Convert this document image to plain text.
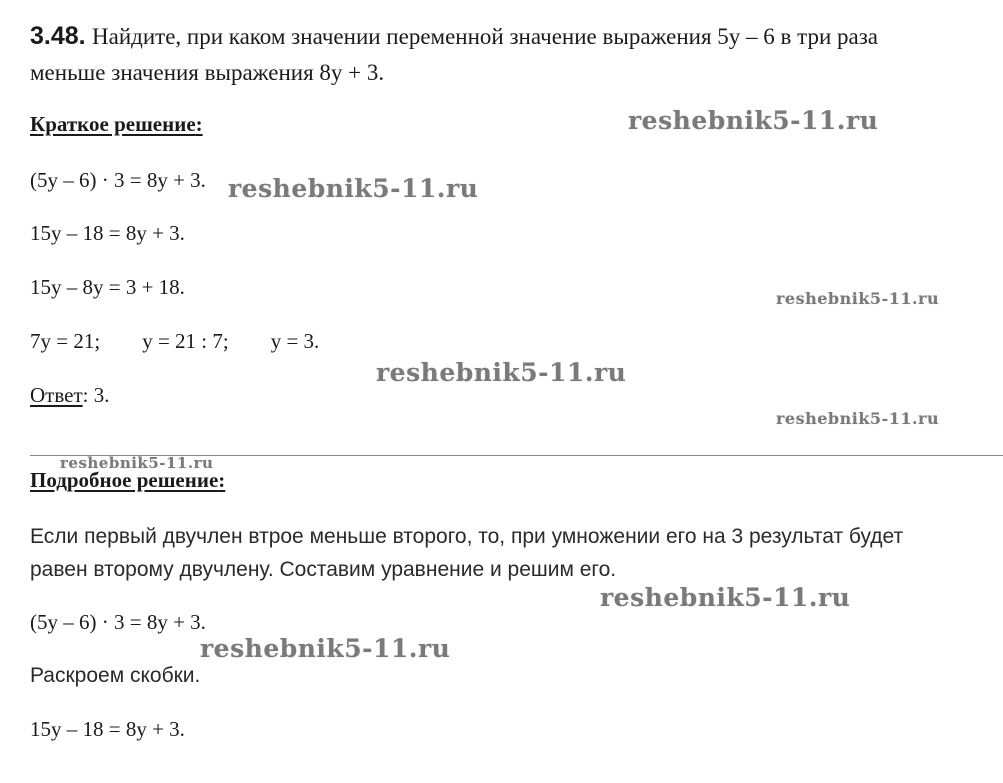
3.48. Найдите, при каком значении переменной значение выражения 5y – 6 в три раза
меньше значения выражения 8y + 3.
Краткое решение:
(5y – 6) · 3 = 8y + 3.
15y – 18 = 8y + 3.
15y – 8y = 3 + 18.
7y = 21; y = 21 : 7; y = 3.
Ответ: 3.
Подробное решение:
Если первый двучлен втрое меньше второго, то, при умножении его на 3 результат будет
равен второму двучлену. Составим уравнение и решим его.
(5y – 6) · 3 = 8y + 3.
Раскроем скобки.
15y – 18 = 8y + 3.
reshebnik5-11.ru
reshebnik5-11.ru
reshebnik5-11.ru
reshebnik5-11.ru
reshebnik5-11.ru
reshebnik5-11.ru
reshebnik5-11.ru
reshebnik5-11.ru
